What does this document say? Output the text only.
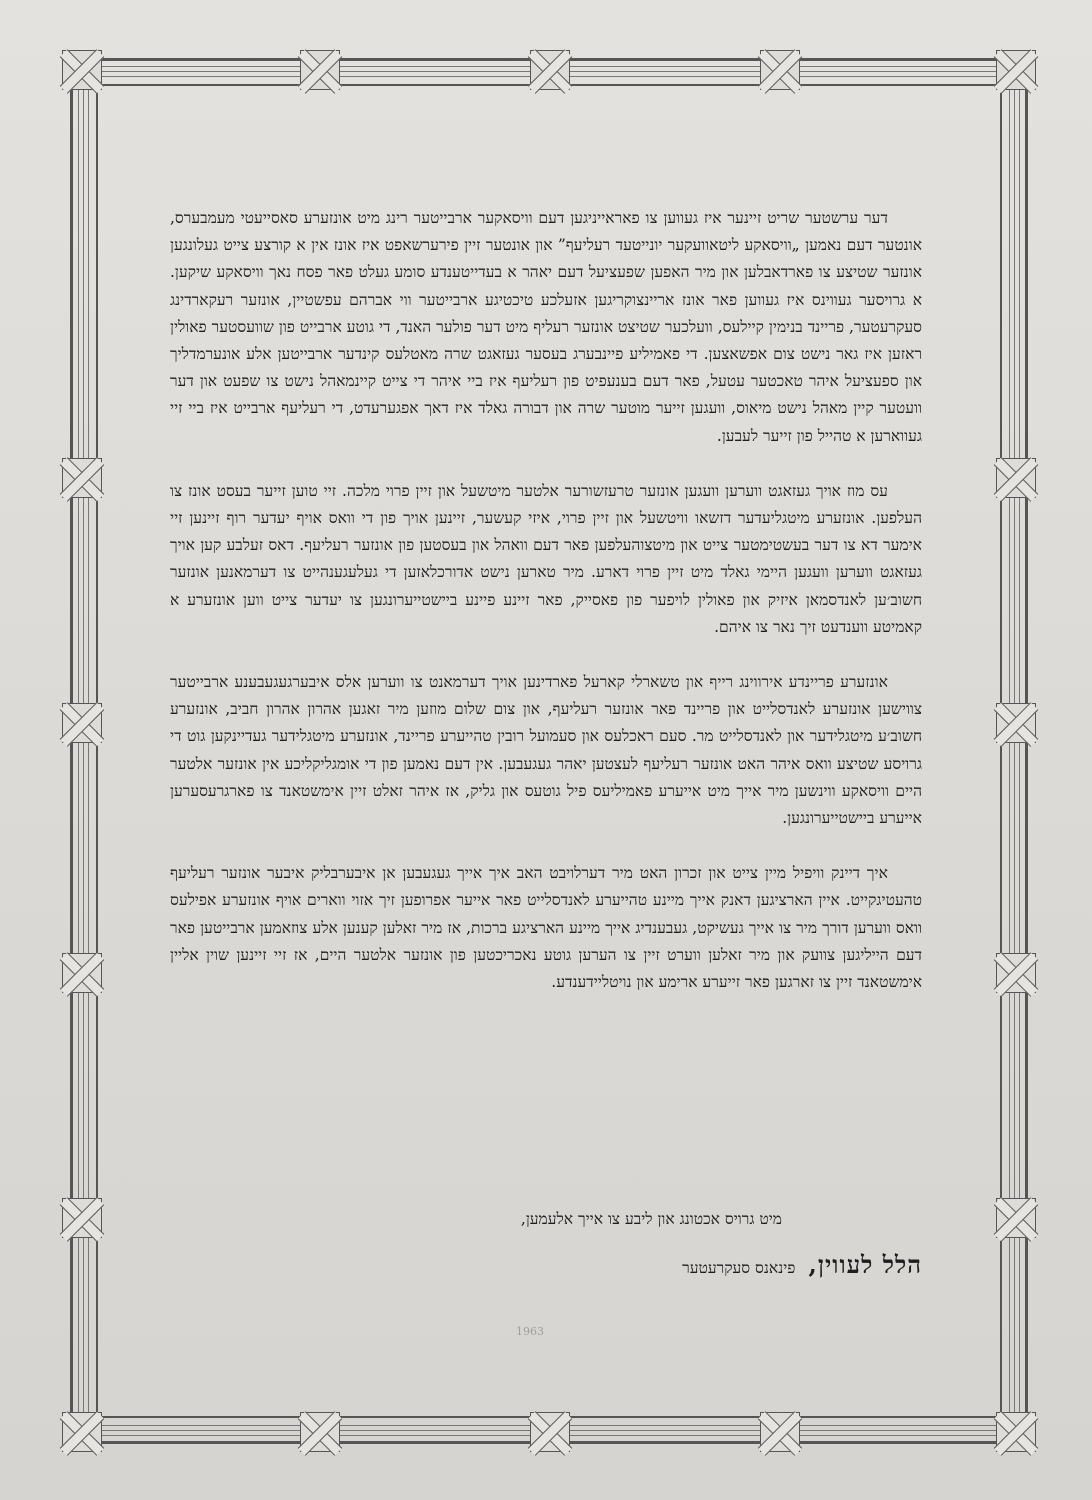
דער ערשטער שריט זיינער איז געווען צו פאראייניגען דעם וויסאקער ארבייטער רינג מיט אונזערע סאסייעטי מעמבערס, אונטער דעם נאמען „וויסאקע ליטאוועקער יונייטעד רעליעף” און אונטער זיין פירערשאפט איז אונז אין א קורצע צייט געלונגען אונזער שטיצע צו פארדאבלען און מיר האפען שפעציעל דעם יאהר א בעדייטענדע סומע געלט פאר פסח נאך וויסאקע שיקען. א גרויסער געווינס איז געווען פאר אונז אריינצוקריגען אזעלכע טיכטיגע ארבייטער ווי אברהם עפשטיין, אונזער רעקארדינג סעקרעטער, פריינד בנימין קיילעס, וועלכער שטיצט אונזער רעליף מיט דער פולער האנד, די גוטע ארבייט פון שוועסטער פאולין ראזען איז גאר נישט צום אפשאצען. די פאמיליע פיינבערג בעסער געזאגט שרה מאטלעס קינדער ארבייטען אלע אונערמדליך און ספעציעל איהר טאכטער עטעל, פאר דעם בענעפיט פון רעליעף איז ביי איהר די צייט קיינמאהל נישט צו שפעט און דער וועטער קיין מאהל נישט מיאוס, וועגען זייער מוטער שרה און דבורה גאלד איז דאך אפגערעדט, די רעליעף ארבייט איז ביי זיי געווארען א טהייל פון זייער לעבען.

עס מוז אויך געזאגט ווערען וועגען אונזער טרעזשורער אלטער מיטשעל און זיין פרוי מלכה. זיי טוען זייער בעסט אונז צו העלפען. אונזערע מיטגליעדער דזשאו וויטשעל און זיין פרוי, איזי קעשער, זיינען אויך פון די וואס אויף יעדער רוף זיינען זיי אימער דא צו דער בעשטימטער צייט און מיטצוהעלפען פאר דעם וואהל און בעסטען פון אונזער רעליעף. דאס זעלבע קען אויך געזאגט ווערען וועגען היימי גאלד מיט זיין פרוי דארע. מיר טארען נישט אדורכלאזען די געלעגענהייט צו דערמאנען אונזער חשוב׳ען לאנדסמאן איזיק און פאולין לויפער פון פאסייק, פאר זיינע פיינע ביישטייערונגען צו יעדער צייט ווען אונזערע א קאמיטע ווענדעט זיך נאר צו איהם.

אונזערע פריינדע אירווינג רייף און טשארלי קארעל פארדינען אויך דערמאנט צו ווערען אלס איבערגעגעבענע ארבייטער צווישען אונזערע לאנדסלייט און פריינד פאר אונזער רעליעף, און צום שלום מוזען מיר זאגען אהרון אהרון חביב, אונזערע חשוב׳ע מיטגלידער און לאנדסלייט מר. סעם ראכלעס און סעמועל רובין טהייערע פריינד, אונזערע מיטגלידער געדיינקען גוט די גרויסע שטיצע וואס איהר האט אונזער רעליעף לעצטען יאהר געגעבען. אין דעם נאמען פון די אומגליקליכע אין אונזער אלטער היים וויסאקע ווינשען מיר אייך מיט אייערע פאמיליעס פיל גוטעס און גליק, אז איהר זאלט זיין אימשטאנד צו פארגרעסערען אייערע ביישטייערונגען.

איך דיינק וויפיל מיין צייט און זכרון האט מיר דערלויבט האב איך אייך געגעבען אן איבערבליק איבער אונזער רעליעף טהעטיגקייט. איין הארציגען דאנק אייך מיינע טהייערע לאנדסלייט פאר אייער אפרופען זיך אזוי ווארים אויף אונזערע אפילעס וואס ווערען דורך מיר צו אייך געשיקט, געבענדיג אייך מיינע הארציגע ברכות, אז מיר זאלען קענען אלע צוזאמען ארבייטען פאר דעם הייליגען צוועק און מיר זאלען ווערט זיין צו הערען גוטע נאכריכטען פון אונזער אלטער היים, אז זיי זיינען שוין אליין אימשטאנד זיין צו זארגען פאר זייערע ארימע און נויטליידענדע.

מיט גרויס אכטונג און ליבע צו אייך אלעמען,
הלל לעווין, פינאנס סעקרעטער
1963
